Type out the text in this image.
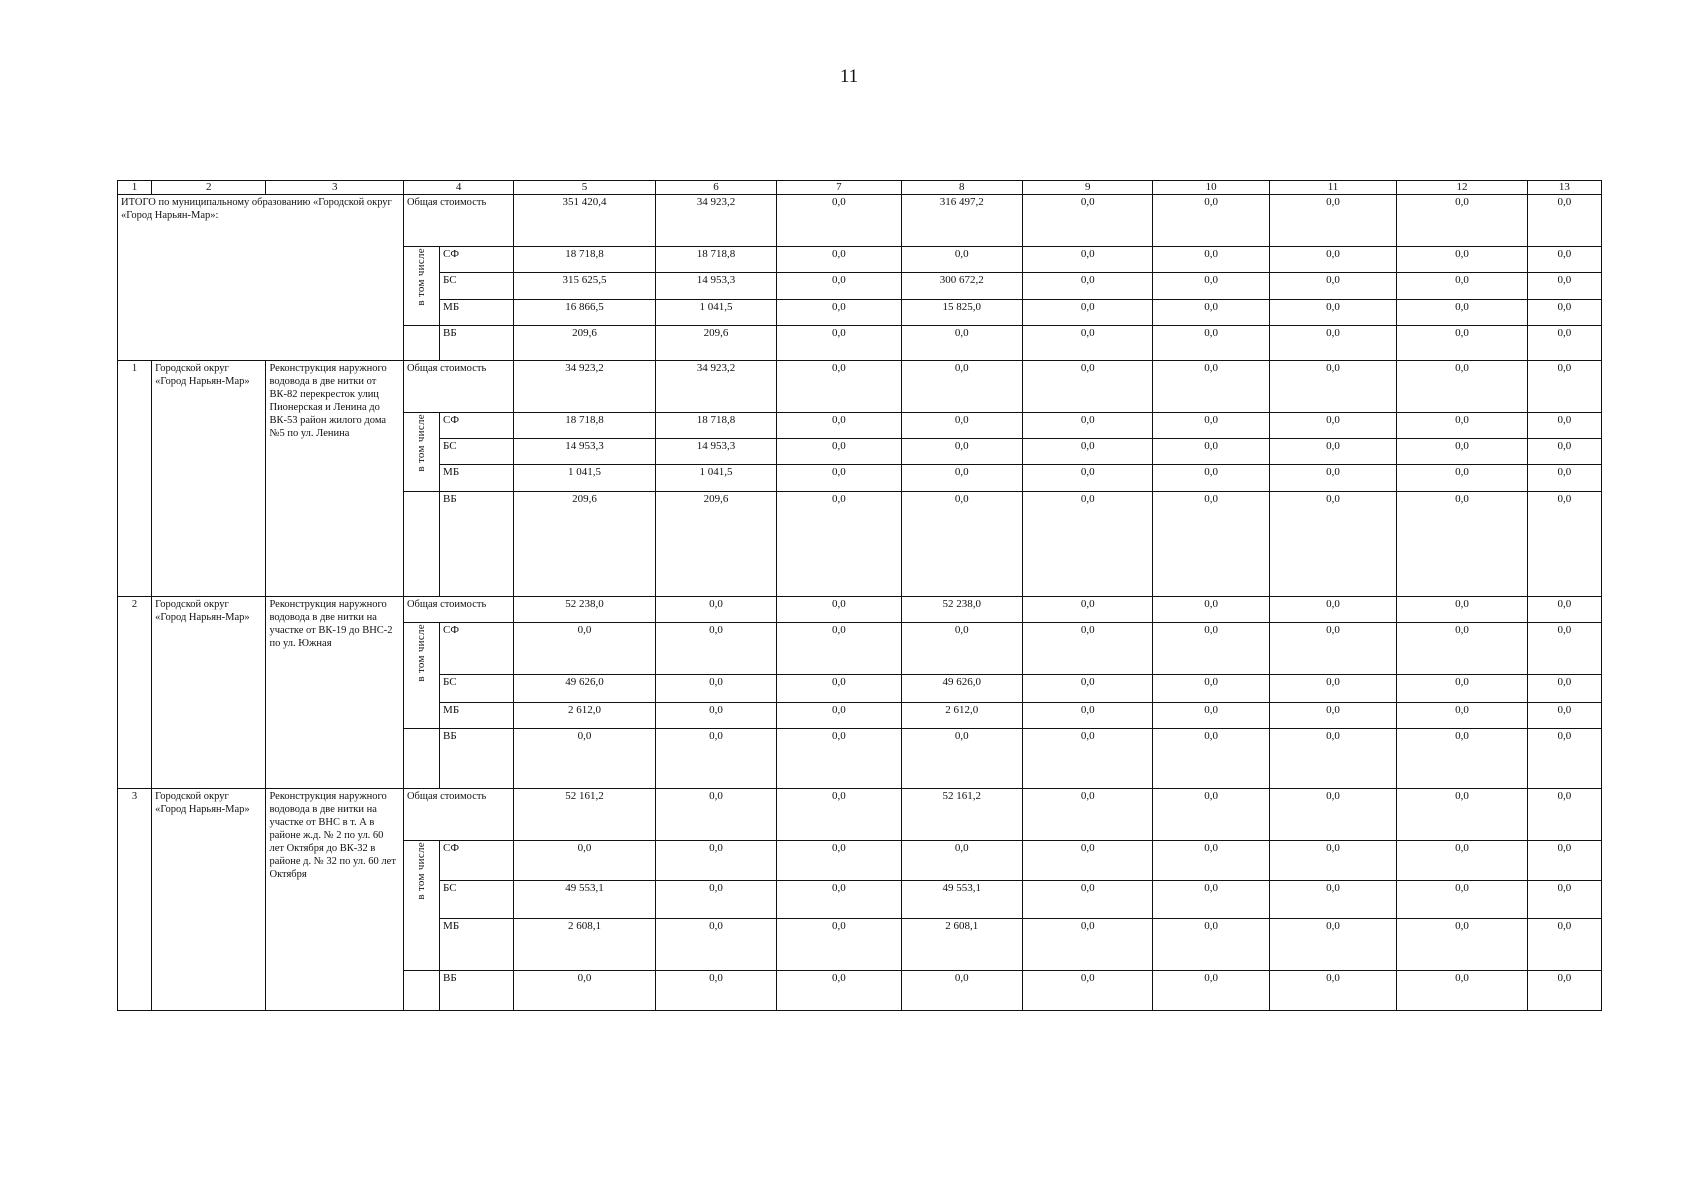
11
1	2	3	4		5	6	7	8	9	10	11	12	13
ИТОГО по муниципальному образованию «Городской округ «Город Нарьян-Мар»:			Общая стоимость		351 420,4	34 923,2	0,0	316 497,2	0,0	0,0	0,0	0,0	0,0
			в том числе	СФ	18 718,8	18 718,8	0,0	0,0	0,0	0,0	0,0	0,0	0,0
				БС	315 625,5	14 953,3	0,0	300 672,2	0,0	0,0	0,0	0,0	0,0
				МБ	16 866,5	1 041,5	0,0	15 825,0	0,0	0,0	0,0	0,0	0,0
				ВБ	209,6	209,6	0,0	0,0	0,0	0,0	0,0	0,0	0,0
1	Городской округ «Город Нарьян-Мар»	Реконструкция наружного водовода в две нитки от ВК-82 перекресток улиц Пионерская и Ленина до ВК-53 район жилого дома №5 по ул. Ленина	Общая стоимость		34 923,2	34 923,2	0,0	0,0	0,0	0,0	0,0	0,0	0,0
			в том числе	СФ	18 718,8	18 718,8	0,0	0,0	0,0	0,0	0,0	0,0	0,0
				БС	14 953,3	14 953,3	0,0	0,0	0,0	0,0	0,0	0,0	0,0
				МБ	1 041,5	1 041,5	0,0	0,0	0,0	0,0	0,0	0,0	0,0
				ВБ	209,6	209,6	0,0	0,0	0,0	0,0	0,0	0,0	0,0
2	Городской округ «Город Нарьян-Мар»	Реконструкция наружного водовода в две нитки на участке от ВК-19 до ВНС-2 по ул. Южная	Общая стоимость		52 238,0	0,0	0,0	52 238,0	0,0	0,0	0,0	0,0	0,0
			в том числе	СФ	0,0	0,0	0,0	0,0	0,0	0,0	0,0	0,0	0,0
				БС	49 626,0	0,0	0,0	49 626,0	0,0	0,0	0,0	0,0	0,0
				МБ	2 612,0	0,0	0,0	2 612,0	0,0	0,0	0,0	0,0	0,0
				ВБ	0,0	0,0	0,0	0,0	0,0	0,0	0,0	0,0	0,0
3	Городской округ «Город Нарьян-Мар»	Реконструкция наружного водовода в две нитки на участке от ВНС в т. А в районе ж.д. № 2 по ул. 60 лет Октября до ВК-32 в районе д. № 32 по ул. 60 лет Октября	Общая стоимость		52 161,2	0,0	0,0	52 161,2	0,0	0,0	0,0	0,0	0,0
			в том числе	СФ	0,0	0,0	0,0	0,0	0,0	0,0	0,0	0,0	0,0
				БС	49 553,1	0,0	0,0	49 553,1	0,0	0,0	0,0	0,0	0,0
				МБ	2 608,1	0,0	0,0	2 608,1	0,0	0,0	0,0	0,0	0,0
				ВБ	0,0	0,0	0,0	0,0	0,0	0,0	0,0	0,0	0,0
